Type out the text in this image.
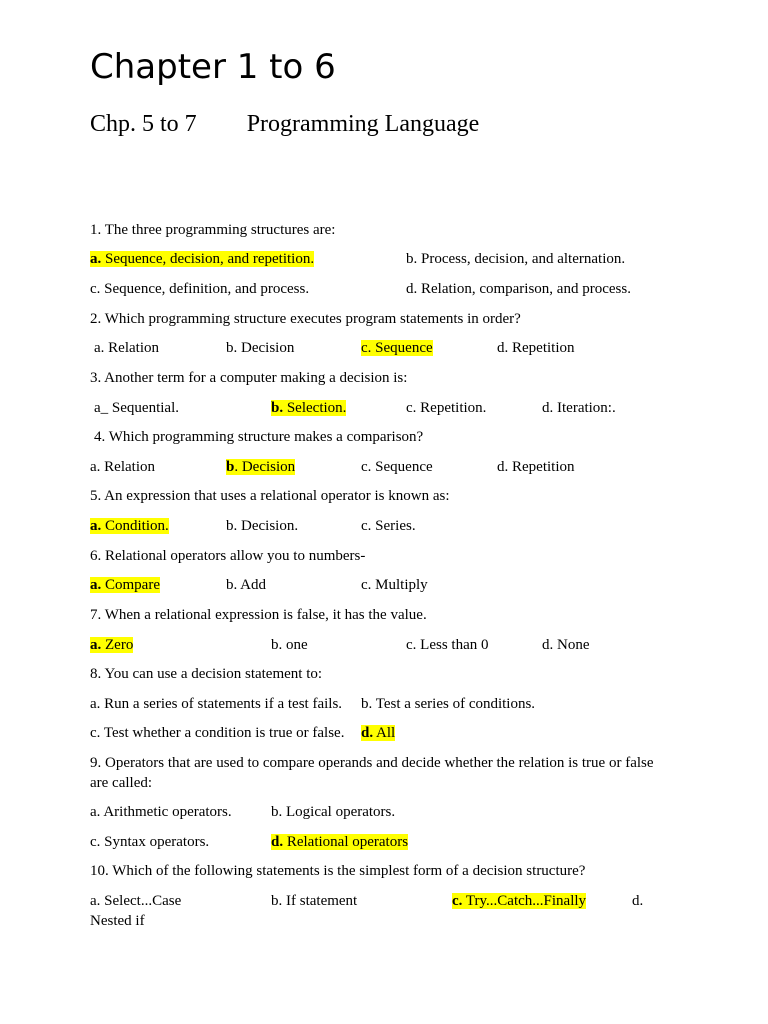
Chapter 1 to 6
Chp. 5 to 7 Programming Language
1. The three programming structures are:
a. Sequence, decision, and repetition.	b. Process, decision, and alternation.
c. Sequence, definition, and process.	d. Relation, comparison, and process.
2. Which programming structure executes program statements in order?
a. Relation	b. Decision	c. Sequence	d. Repetition
3. Another term for a computer making a decision is:
a_ Sequential.	b. Selection.	c. Repetition.	d. Iteration:.
4. Which programming structure makes a comparison?
a. Relation	b. Decision	c. Sequence	d. Repetition
5. An expression that uses a relational operator is known as:
a. Condition.	b. Decision.	c. Series.
6. Relational operators allow you to numbers-
a. Compare	b. Add	c. Multiply
7. When a relational expression is false, it has the value.
a. Zero	b. one	c. Less than 0	d. None
8. You can use a decision statement to:
a. Run a series of statements if a test fails. b. Test a series of conditions.
c. Test whether a condition is true or false. d. All
9. Operators that are used to compare operands and decide whether the relation is true or false are called:
a. Arithmetic operators.	b. Logical operators.
c. Syntax operators.	d. Relational operators
10. Which of the following statements is the simplest form of a decision structure?
a. Select...Case	b. If statement	c. Try...Catch...Finally	d.
Nested if
